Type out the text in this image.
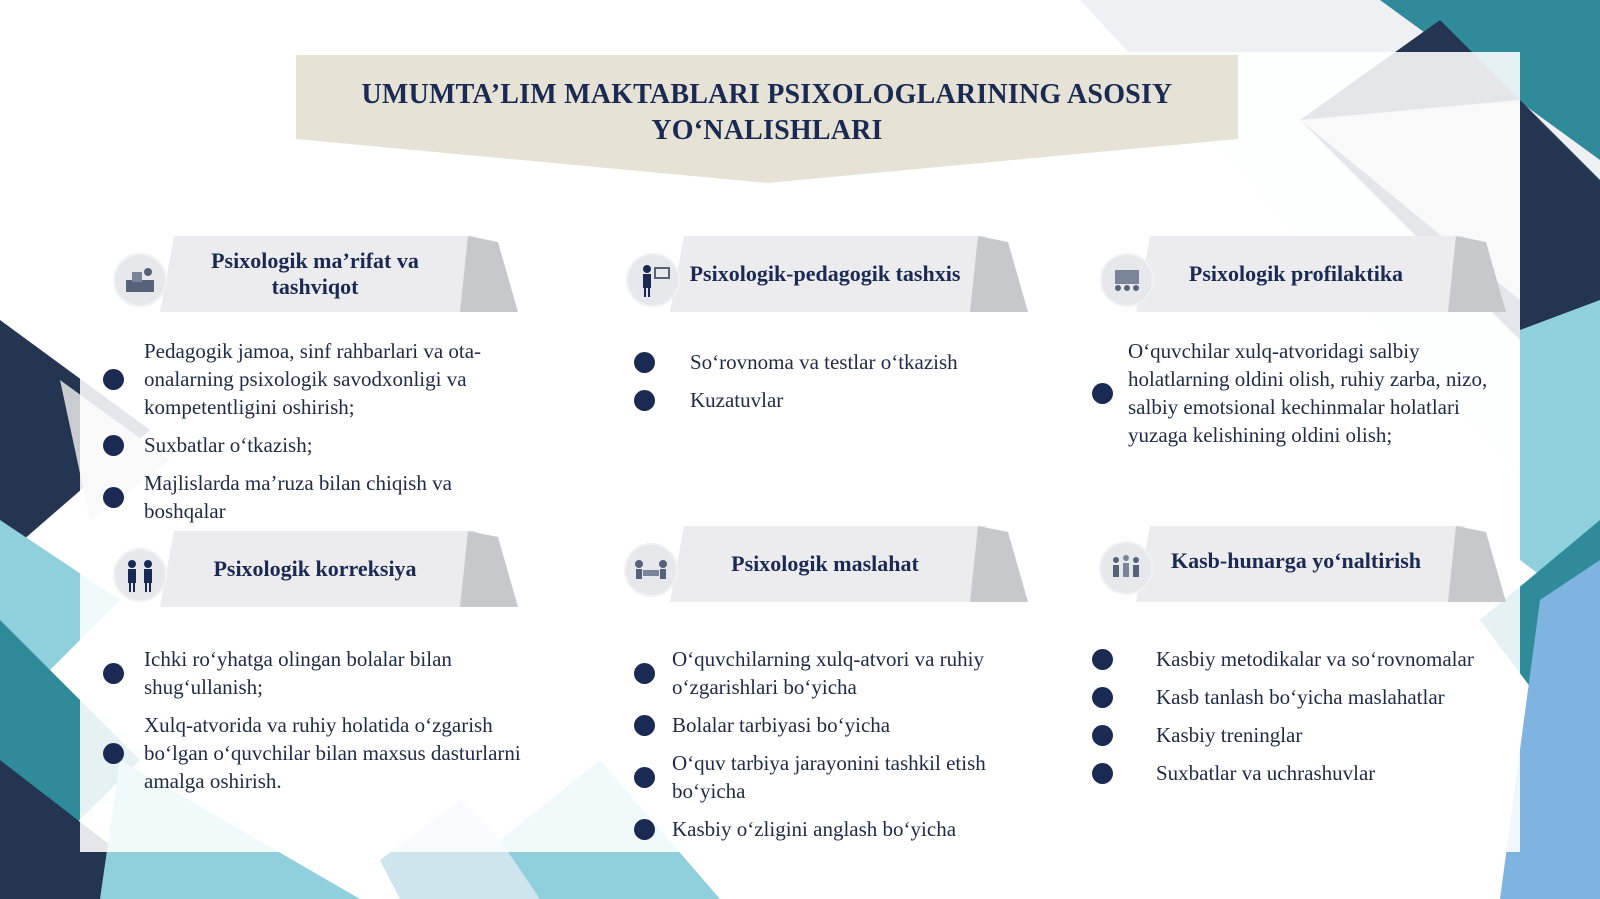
UMUMTA’LIM MAKTABLARI PSIXOLOGLARINING ASOSIY
YO‘NALISHLARI
Psixologik ma’rifat va tashviqot
Pedagogik jamoa, sinf rahbarlari va ota-onalarning psixologik savodxonligi va kompetentligini oshirish;
Suxbatlar o‘tkazish;
Majlislarda ma’ruza bilan chiqish va boshqalar
Psixologik-pedagogik tashxis
So‘rovnoma va testlar o‘tkazish
Kuzatuvlar
Psixologik profilaktika
O‘quvchilar xulq-atvoridagi salbiy holatlarning oldini olish, ruhiy zarba, nizo, salbiy emotsional kechinmalar holatlari yuzaga kelishining oldini olish;
Psixologik korreksiya
Ichki ro‘yhatga olingan bolalar bilan shug‘ullanish;
Xulq-atvorida va ruhiy holatida o‘zgarish bo‘lgan o‘quvchilar bilan maxsus dasturlarni amalga oshirish.
Psixologik maslahat
O‘quvchilarning xulq-atvori va ruhiy o‘zgarishlari bo‘yicha
Bolalar tarbiyasi bo‘yicha
O‘quv tarbiya jarayonini tashkil etish bo‘yicha
Kasbiy o‘zligini anglash bo‘yicha
Kasb-hunarga yo‘naltirish
Kasbiy metodikalar va so‘rovnomalar
Kasb tanlash bo‘yicha maslahatlar
Kasbiy treninglar
Suxbatlar va uchrashuvlar
